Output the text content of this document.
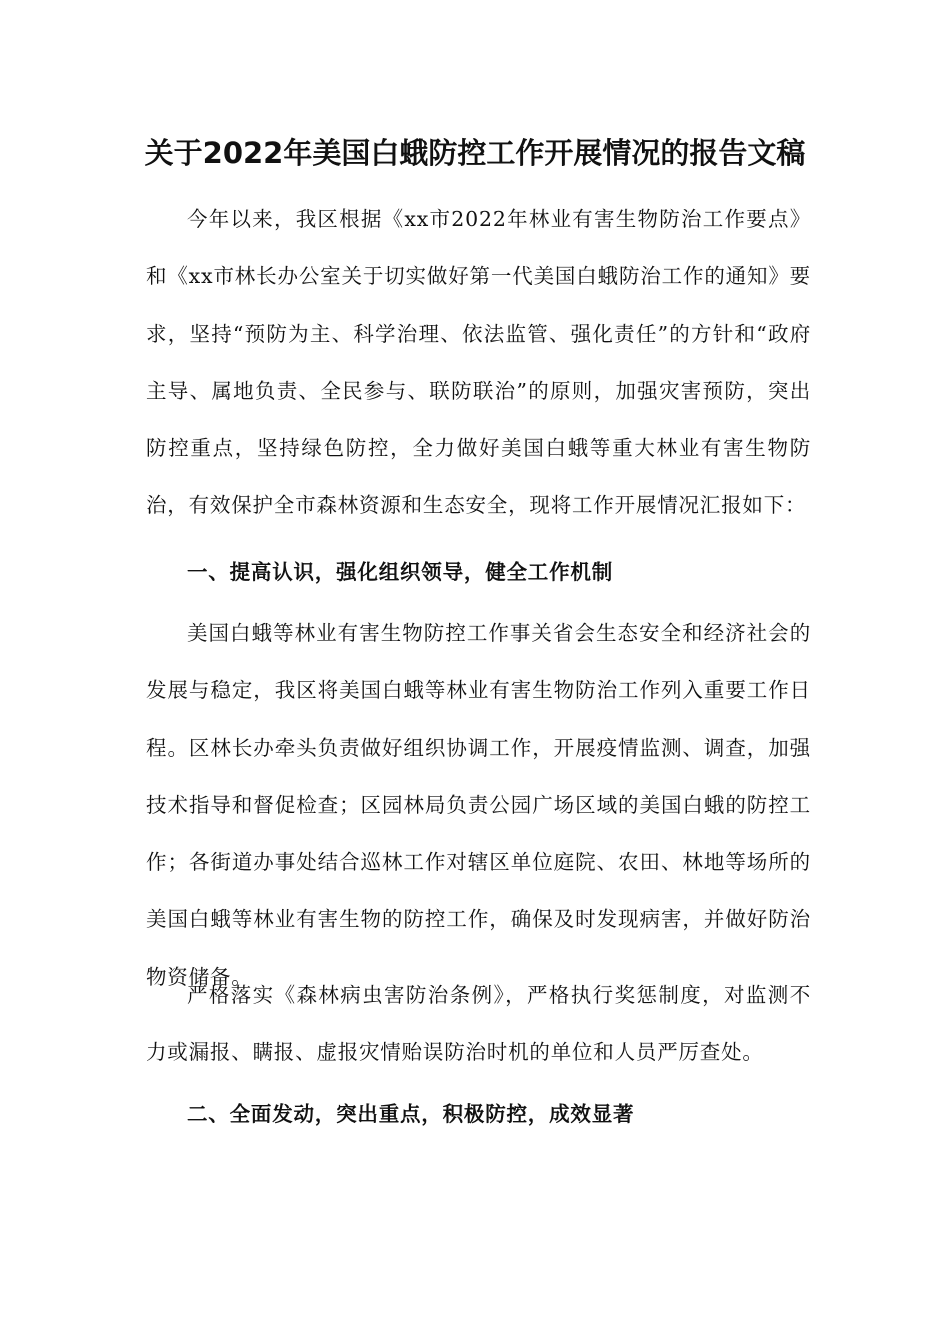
关于2022年美国白蛾防控工作开展情况的报告文稿

今年以来，我区根据《xx市2022年林业有害生物防治工作要点》和《xx市林长办公室关于切实做好第一代美国白蛾防治工作的通知》要求，坚持“预防为主、科学治理、依法监管、强化责任”的方针和“政府主导、属地负责、全民参与、联防联治”的原则，加强灾害预防，突出防控重点，坚持绿色防控，全力做好美国白蛾等重大林业有害生物防治，有效保护全市森林资源和生态安全，现将工作开展情况汇报如下：

一、提高认识，强化组织领导，健全工作机制

美国白蛾等林业有害生物防控工作事关省会生态安全和经济社会的发展与稳定，我区将美国白蛾等林业有害生物防治工作列入重要工作日程。区林长办牵头负责做好组织协调工作，开展疫情监测、调查，加强技术指导和督促检查；区园林局负责公园广场区域的美国白蛾的防控工作；各街道办事处结合巡林工作对辖区单位庭院、农田、林地等场所的美国白蛾等林业有害生物的防控工作，确保及时发现病害，并做好防治物资储备。

严格落实《森林病虫害防治条例》，严格执行奖惩制度，对监测不力或漏报、瞒报、虚报灾情贻误防治时机的单位和人员严厉查处。

二、全面发动，突出重点，积极防控，成效显著
